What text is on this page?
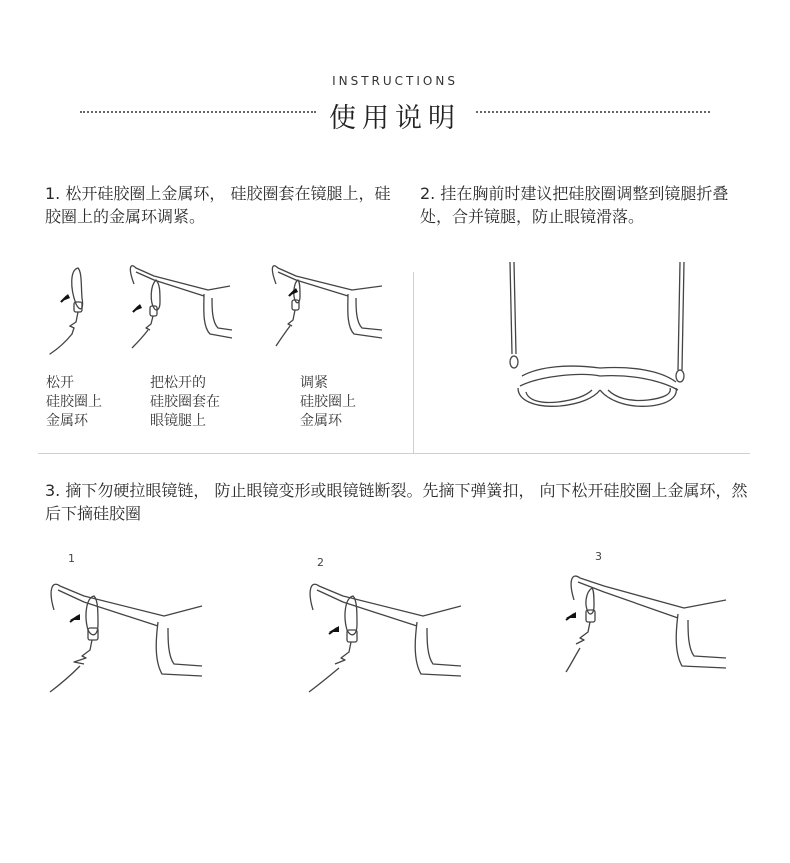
INSTRUCTIONS
使用说明
1. 松开硅胶圈上金属环， 硅胶圈套在镜腿上，硅胶圈上的金属环调紧。
2. 挂在胸前时建议把硅胶圈调整到镜腿折叠处，合并镜腿，防止眼镜滑落。
3. 摘下勿硬拉眼镜链， 防止眼镜变形或眼镜链断裂。先摘下弹簧扣， 向下松开硅胶圈上金属环，然后下摘硅胶圈
松开
硅胶圈上
金属环
把松开的
硅胶圈套在
眼镜腿上
调紧
硅胶圈上
金属环
1	2	3
